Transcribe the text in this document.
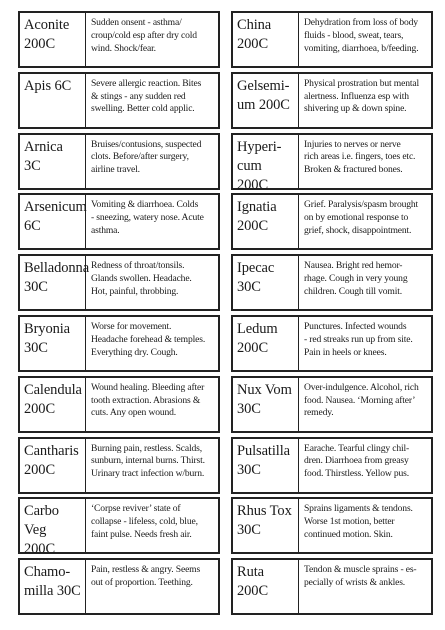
Aconite
200C
Sudden onsent - asthma/
croup/cold esp after dry cold
wind. Shock/fear.
Apis 6C	Severe allergic reaction. Bites
& stings - any sudden red
swelling. Better cold applic.
Arnica 3C
Bruises/contusions, suspected
clots. Before/after surgery,
airline travel.
Arsenicum
6C
Vomiting & diarrhoea. Colds
- sneezing, watery nose. Acute
asthma.
Belladonna
30C
Redness of throat/tonsils.
Glands swollen. Headache.
Hot, painful, throbbing.
Bryonia
30C
Worse for movement.
Headache forehead & temples.
Everything dry. Cough.
Calendula
200C
Wound healing. Bleeding after
tooth extraction. Abrasions &
cuts. Any open wound.
Cantharis
200C
Burning pain, restless. Scalds,
sunburn, internal burns. Thirst.
Urinary tract infection w/burn.
Carbo Veg
200C
‘Corpse reviver’ state of
collapse - lifeless, cold, blue,
faint pulse. Needs fresh air.
Chamo-
milla 30C
Pain, restless & angry. Seems
out of proportion. Teething.
China
200C
Dehydration from loss of body
fluids - blood, sweat, tears,
vomiting, diarrhoea, b/feeding.
Gelsemi-
um 200C
Physical prostration but mental
alertness. Influenza esp with
shivering up & down spine.
Hyperi-
cum 200C
Injuries to nerves or nerve
rich areas i.e. fingers, toes etc.
Broken & fractured bones.
Ignatia
200C
Grief. Paralysis/spasm brought
on by emotional response to
grief, shock, disappointment.
Ipecac
30C
Nausea. Bright red hemor-
rhage. Cough in very young
children. Cough till vomit.
Ledum
200C
Punctures. Infected wounds
- red streaks run up from site.
Pain in heels or knees.
Nux Vom
30C
Over-indulgence. Alcohol, rich
food. Nausea. ‘Morning after’
remedy.
Pulsatilla
30C
Earache. Tearful clingy chil-
dren. Diarrhoea from greasy
food. Thirstless. Yellow pus.
Rhus Tox
30C
Sprains ligaments & tendons.
Worse 1st motion, better
continued motion. Skin.
Ruta
200C
Tendon & muscle sprains - es-
pecially of wrists & ankles.
